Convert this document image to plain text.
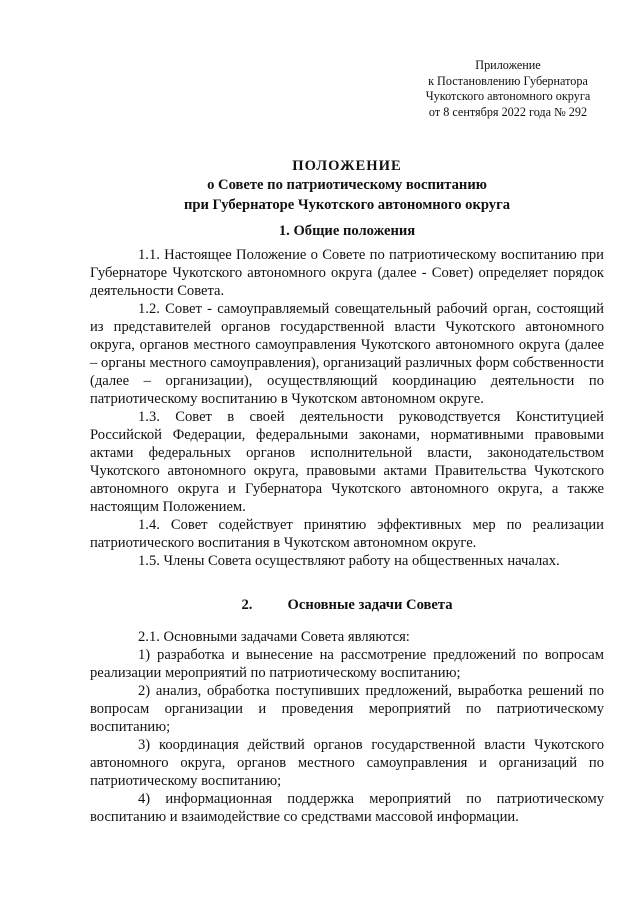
Приложение
к Постановлению Губернатора
Чукотского автономного округа
от 8 сентября 2022 года № 292
ПОЛОЖЕНИЕ
о Совете по патриотическому воспитанию
при Губернаторе Чукотского автономного округа
1. Общие положения

1.1. Настоящее Положение о Совете по патриотическому воспитанию при Губернаторе Чукотского автономного округа (далее - Совет) определяет порядок деятельности Совета.

1.2. Совет - самоуправляемый совещательный рабочий орган, состоящий из представителей органов государственной власти Чукотского автономного округа, органов местного самоуправления Чукотского автономного округа (далее – органы местного самоуправления), организаций различных форм собственности (далее – организации), осуществляющий координацию деятельности по патриотическому воспитанию в Чукотском автономном округе.

1.3. Совет в своей деятельности руководствуется Конституцией Российской Федерации, федеральными законами, нормативными правовыми актами федеральных органов исполнительной власти, законодательством Чукотского автономного округа, правовыми актами Правительства Чукотского автономного округа и Губернатора Чукотского автономного округа, а также настоящим Положением.

1.4. Совет содействует принятию эффективных мер по реализации патриотического воспитания в Чукотском автономном округе.

1.5. Члены Совета осуществляют работу на общественных началах.

2. Основные задачи Совета

2.1. Основными задачами Совета являются:

1) разработка и вынесение на рассмотрение предложений по вопросам реализации мероприятий по патриотическому воспитанию;

2) анализ, обработка поступивших предложений, выработка решений по вопросам организации и проведения мероприятий по патриотическому воспитанию;

3) координация действий органов государственной власти Чукотского автономного округа, органов местного самоуправления и организаций по патриотическому воспитанию;

4) информационная поддержка мероприятий по патриотическому воспитанию и взаимодействие со средствами массовой информации.
